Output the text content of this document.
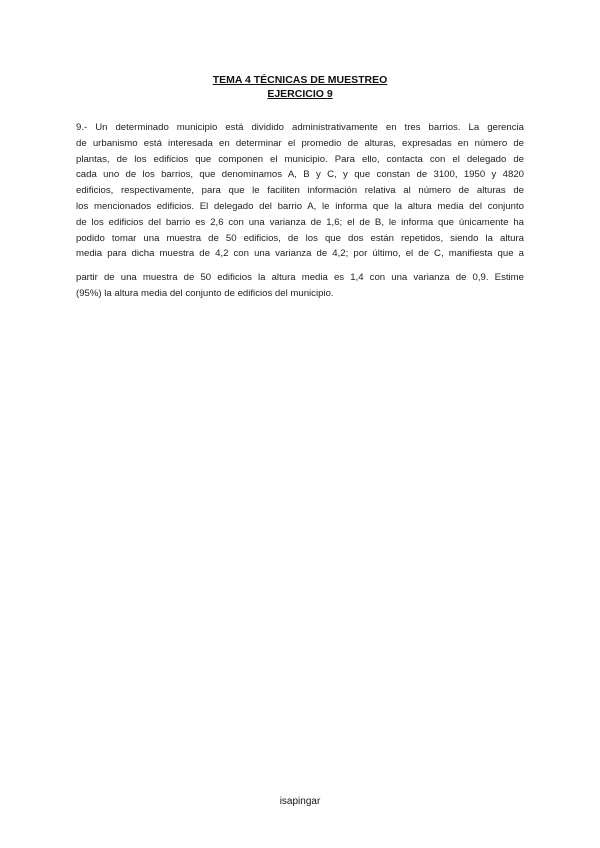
TEMA 4 TÉCNICAS DE MUESTREO
EJERCICIO 9
9.- Un determinado municipio está dividido administrativamente en tres barrios. La gerencia
de urbanismo está interesada en determinar el promedio de alturas, expresadas en número de
plantas, de los edificios que componen el municipio. Para ello, contacta con el delegado de
cada uno de los barrios, que denominamos A, B y C, y que constan de 3100, 1950 y 4820
edificios, respectivamente, para que le faciliten información relativa al número de alturas de
los mencionados edificios. El delegado del barrio A, le informa que la altura media del conjunto
de los edificios del barrio es 2,6 con una varianza de 1,6; el de B, le informa que únicamente ha
podido tomar una muestra de 50 edificios, de los que dos están repetidos, siendo la altura
media para dicha muestra de 4,2 con una varianza de 4,2; por último, el de C, manifiesta que a
partir de una muestra de 50 edificios la altura media es 1,4 con una varianza de 0,9. Estime
(95%) la altura media del conjunto de edificios del municipio.
isapingar
